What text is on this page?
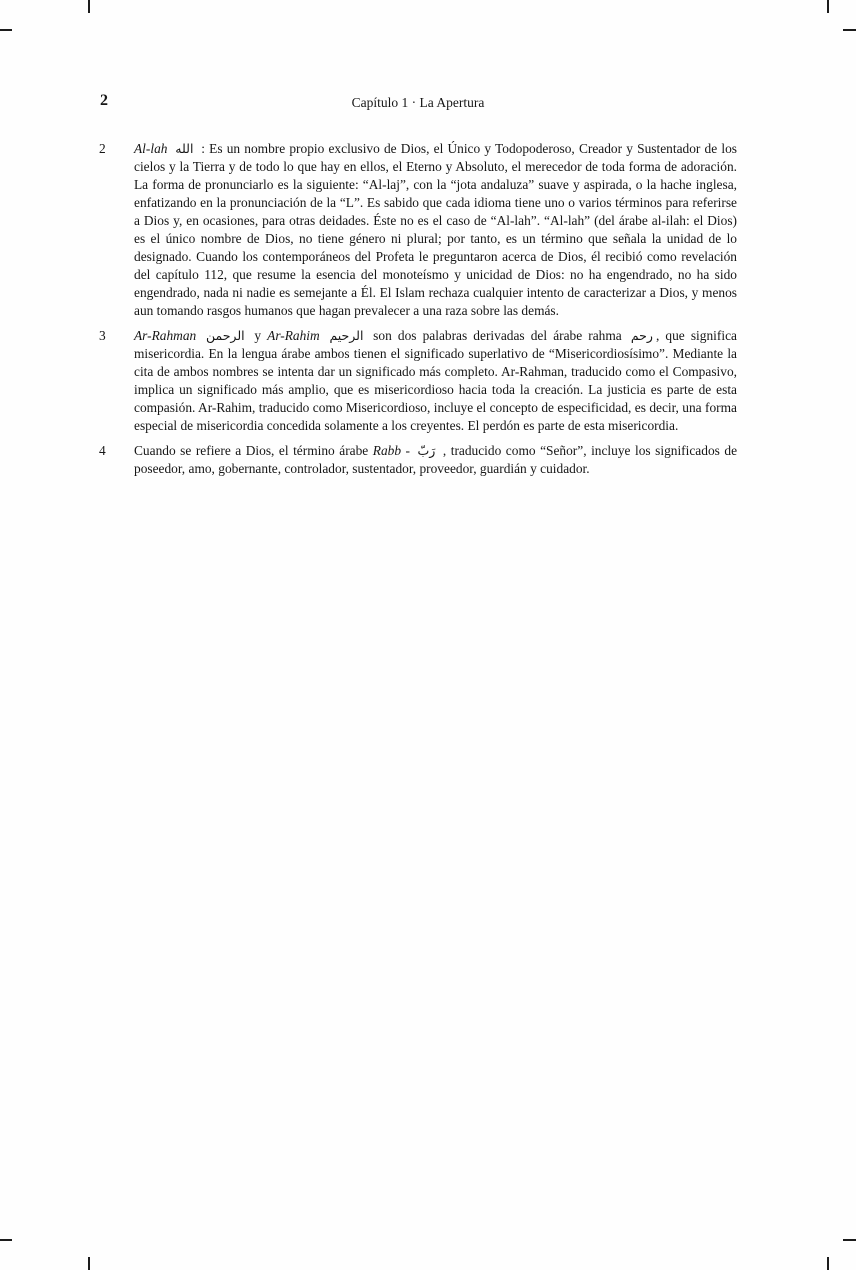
2	Capítulo 1 · La Apertura
2	Al-lah الله : Es un nombre propio exclusivo de Dios, el Único y Todopoderoso, Creador y Sustentador de los cielos y la Tierra y de todo lo que hay en ellos, el Eterno y Absoluto, el merecedor de toda forma de adoración. La forma de pronunciarlo es la siguiente: “Al-laj”, con la “jota andaluza” suave y aspirada, o la hache inglesa, enfatizando en la pronunciación de la “L”. Es sabido que cada idioma tiene uno o varios términos para referirse a Dios y, en ocasiones, para otras deidades. Éste no es el caso de “Al-lah”. “Al-lah” (del árabe al-ilah: el Dios) es el único nombre de Dios, no tiene género ni plural; por tanto, es un término que señala la unidad de lo designado. Cuando los contemporáneos del Profeta le preguntaron acerca de Dios, él recibió como revelación del capítulo 112, que resume la esencia del monoteísmo y unicidad de Dios: no ha engendrado, no ha sido engendrado, nada ni nadie es semejante a Él. El Islam rechaza cualquier intento de caracterizar a Dios, y menos aun tomando rasgos humanos que hagan prevalecer a una raza sobre las demás.
3	Ar-Rahman الرحمن y Ar-Rahim الرحيم son dos palabras derivadas del árabe rahma رحم , que significa misericordia. En la lengua árabe ambos tienen el significado superlativo de “Misericordiosísimo”. Mediante la cita de ambos nombres se intenta dar un significado más completo. Ar-Rahman, traducido como el Compasivo, implica un significado más amplio, que es misericordioso hacia toda la creación. La justicia es parte de esta compasión. Ar-Rahim, traducido como Misericordioso, incluye el concepto de especificidad, es decir, una forma especial de misericordia concedida solamente a los creyentes. El perdón es parte de esta misericordia.
4	Cuando se refiere a Dios, el término árabe Rabb - رَبّ , traducido como “Señor”, incluye los significados de poseedor, amo, gobernante, controlador, sustentador, proveedor, guardián y cuidador.
